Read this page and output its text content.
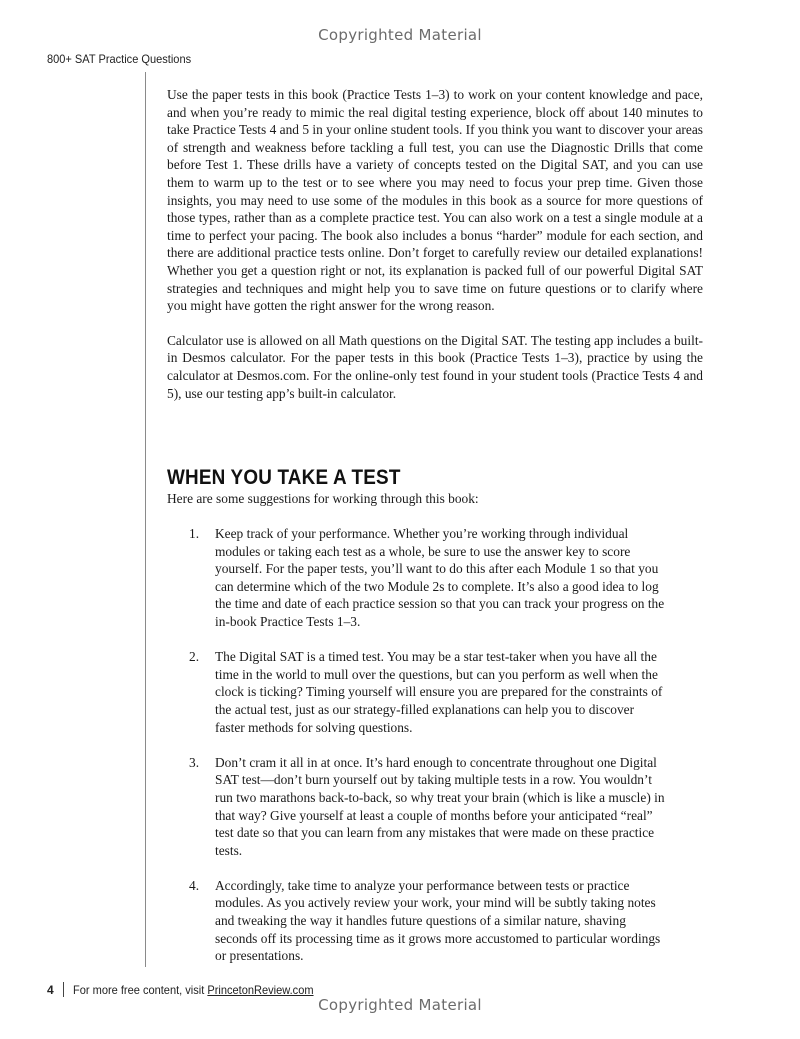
Copyrighted Material
800+ SAT Practice Questions

Use the paper tests in this book (Practice Tests 1–3) to work on your content knowledge and pace, and when you’re ready to mimic the real digital testing experience, block off about 140 minutes to take Practice Tests 4 and 5 in your online student tools. If you think you want to discover your areas of strength and weakness before tackling a full test, you can use the Diagnostic Drills that come before Test 1. These drills have a variety of concepts tested on the Digital SAT, and you can use them to warm up to the test or to see where you may need to focus your prep time. Given those insights, you may need to use some of the modules in this book as a source for more questions of those types, rather than as a complete practice test. You can also work on a test a single module at a time to perfect your pacing. The book also includes a bonus “harder” module for each section, and there are additional practice tests online. Don’t forget to carefully review our detailed explanations! Whether you get a question right or not, its explanation is packed full of our powerful Digital SAT strategies and techniques and might help you to save time on future questions or to clarify where you might have gotten the right answer for the wrong reason.

Calculator use is allowed on all Math questions on the Digital SAT. The testing app includes a built-in Desmos calculator. For the paper tests in this book (Practice Tests 1–3), practice by using the calculator at Desmos.com. For the online-only test found in your student tools (Practice Tests 4 and 5), use our testing app’s built-in calculator.

WHEN YOU TAKE A TEST

Here are some suggestions for working through this book:

1.	Keep track of your performance. Whether you’re working through individual modules or taking each test as a whole, be sure to use the answer key to score yourself. For the paper tests, you’ll want to do this after each Module 1 so that you can determine which of the two Module 2s to complete. It’s also a good idea to log the time and date of each practice session so that you can track your progress on the in-book Practice Tests 1–3.
2.	The Digital SAT is a timed test. You may be a star test-taker when you have all the time in the world to mull over the questions, but can you perform as well when the clock is ticking? Timing yourself will ensure you are prepared for the constraints of the actual test, just as our strategy-filled explanations can help you to discover faster methods for solving questions.
3.	Don’t cram it all in at once. It’s hard enough to concentrate throughout one Digital SAT test—don’t burn yourself out by taking multiple tests in a row. You wouldn’t run two marathons back-to-back, so why treat your brain (which is like a muscle) in that way? Give yourself at least a couple of months before your anticipated “real” test date so that you can learn from any mistakes that were made on these practice tests.
4.	Accordingly, take time to analyze your performance between tests or practice modules. As you actively review your work, your mind will be subtly taking notes and tweaking the way it handles future questions of a similar nature, shaving seconds off its processing time as it grows more accustomed to particular wordings or presentations.
4 For more free content, visit PrincetonReview.com
Copyrighted Material
